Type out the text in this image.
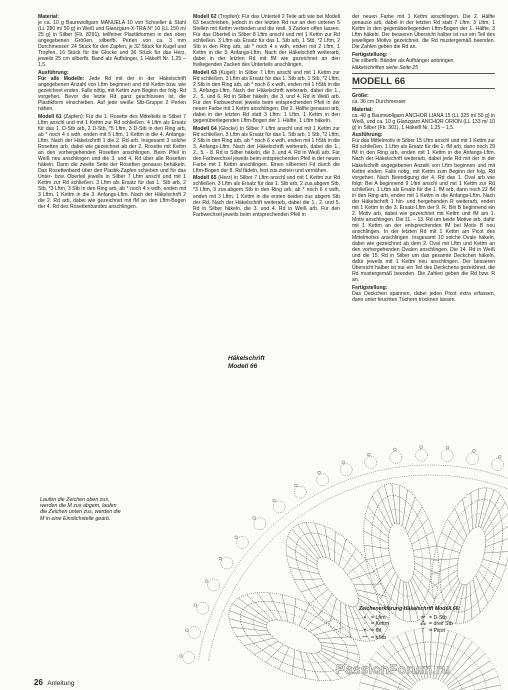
Material:
je ca. 10 g Baumwollgarn MANUELA 10 von Schoeller & Stahl (LL 280 m/ 50 g) in Weiß und Glanzgarn-X-TRA N° 10 (LL 150 m/ 25 g) in Silber (Fb. 8291), teilfeiner Plastikformen in den oben angegebenen Größen, silberfb. Perlen von ca. 3 mm Durchmesser: 24 Stück für den Zapfen, je 32 Stück für Kugel und Tropfen, 16 Stück für die Glocke und 36 Stück für das Herz, jeweils 25 cm silberfb. Band als Aufhänger, 1 Häkelfl Nr. 1,25 – 1,5.

Ausführung:
Für alle Modelle: Jede Rd mit der in der Häkelschrift angegebenen Anzahl von Lftm beginnen und mit Kettm bzw. wie gezeichnet enden. Falls nötig, mit Kettm zum Beginn der folg. Rd vorgehen. Bevor die letzte Rd ganz geschlossen ist, die Plastikform einschieben. Auf jede weiße Stb-Gruppe 2 Perlen nähen.

Modell 61 (Zapfen): Für die 1. Rosette des Mittelteils in Silber 7 Lftm anschl und mit 1 Kettm zur Rd schließen. 4 Lftm als Ersatz für das 1. D-Stb arb, 2 D-Stb, *5 Lftm, 3 D-Stb in den Ring arb, ab * noch 4 x wdh, enden mit 5 Lftm, 1 Kettm in die 4. Anfangs-Lftm. Nach der Häkelschrift 1 die 2. Rd arb. Insgesamt 3 solche Rosetten arb, dabei wie gezeichnet ab der 2. Rosette mit Kettm an den vorhergehenden Rosetten anschlingen. Beim Pfeil in Weiß neu anschlingen und die 3. und 4. Rd über alle Rosetten häkeln. Dann die zweite Seite der Rosetten genauso behäkeln. Das Rosettenband über den Plastik-Zapfen schieben und für das Unter- bzw. Oberteil jeweils in Silber 7 Lftm anschl und mit 1 Kettm zur Rd schließen. 3 Lftm als Ersatz für das 1. Stb arb, 2 Stb, *3 Lftm, 3 Stb in den Ring arb, ab * noch 4 x wdh, enden mit 3 Lftm, 1 Kettm in die 3. Anfangs-Lftm. Nach der Häkelschrift 2 die 2. Rd arb, dabei wie gezeichnet mit fM an den Lftm-Bogen der 4. Rd des Rosettenbandes anschlingen.

Modell 62 (Tropfen): Für das Unterteil 2 Teile arb wie bei Modell 63 beschrieben, jedoch in der letzten Rd nur an den unteren 5 Stellen mit Kettm verbinden und die restl. 3 Zacken offen lassen. Für das Oberteil in Silber 8 Lftm anschl und mit 1 Kettm zur Rd schließen. 3 Lftm als Ersatz für das 1. Stb arb, 1 Stb, *2 Lftm, 2 Stb in den Ring arb, ab * noch 4 x wdh, enden mit 2 Lftm, 1 Kettm in die 3. Anfangs-Lftm. Nach der Häkelschrift weiterarb, dabei in der letzten Rd mit fM wie gezeichnet an den freiliegenden Zacken des Unterteils anschlingen.

Modell 63 (Kugel): In Silber 7 Lftm anschl und mit 1 Kettm zur Rd schließen. 3 Lftm als Ersatz für das 1. Stb arb, 1 Stb, *2 Lftm, 2 Stb in den Ring arb, ab * noch 6 x wdh, enden mit 1 hStb in die 3. Anfangs-Lftm. Nach der Häkelschrift weiterarb, dabei die 1., 2., 5. und 6. Rd in Silber häkeln, die 3. und 4. Rd in Weiß arb. Für den Farbwechsel jeweils beim entsprechenden Pfeil in der neuen Farbe mit 1 Kettm anschlingen. Die 2. Hälfte genauso arb, dabei in der letzten Rd statt 3 Lftm: 1 Lftm, 1 Kettm in den gegenüberliegenden Lftm-Bogen der 1. Hälfte, 1 Lftm häkeln.

Modell 64 (Glocke) In Silber 7 Lftm anschl und mit 1 Kettm zur Rd schließen. 3 Lftm als Ersatz für das 1. Stb arb, 1 Stb, *2 Lftm, 2 Stb in den Ring arb, ab * noch 6 x wdh, enden mit 1 hStb in die 3. Anfangs-Lftm. Nach der Häkelschrift weiterarb, dabei die 1., 2., 5. - 8. Rd in Silber häkeln, die 3. und 4. Rd in Weiß arb. Für den Farbwechsel jeweils beim entsprechenden Pfeil in der neuen Farbe mit 1 Kettm anschlingen. Einen silbernen Fd durch die Lftm-Bogen der 8. Rd fädeln, fest zus.ziehen und vernähen.

Modell 65 (Herz) in Silber 7 Lftm anschl und mit 1 Kettm zur Rd schließen. 3 Lftm als Ersatz für das 1. Stb arb, 2 zus.abgem Stb, *3 Lftm, 3 zus.abgem Stb in den Ring arb, ab * noch 6 x wdh, enden mit 3 Lftm, 1 Kettm in die ersten beiden zus abgem Stb der Rd. Nach der Häkelschrift weiterarb, dabei die 1., 2. und 5. Rd in Silber häkeln, die 3. und 4. Rd in Weiß arb. Für den Farbwechsel jeweils beim entsprechenden Pfeil in

der neuen Farbe mit 1 Kettm anschlingen. Die 2. Hälfte genauso arb, dabei in der letzten Rd statt 7 Lftm: 3 Lftm, 1 Kettm in den gegenüberliegenden Lftm-Bogen der 1. Hälfte, 3 Lftm häkeln. Der besseren Übersicht halber ist nur ein Teil des jeweiligen Motivs gezeichnet, die Rd mustergemäß beenden. Die Zahlen geben die Rd an.

Fertigstellung:
Die silberfb. Bänder als Aufhänger anbringen.

Häkelschriften siehe Seite 25

MODELL 66

Größe:
ca. 36 cm Durchmesser

Material:
ca. 40 g Baumwollgarn ANCHOR LIANA 15 (LL 325 m/ 50 g) in Weiß, und ca. 10 g Glanzgarn ANCHOR ORION (LL 133 m/ 10 g) in Silber (Fb. 301), 1 Häkelfl Nr. 1,25 – 1,5.

Ausführung:
Für das Mittelmotiv in Silber 15 Lftm anschl und mit 1 Kettm zur Rd schließen. 1 Lftm als Ersatz für die 1. fM arb, dann noch 29 fM in den Ring arb, enden mit 1 Kettm in die Anfangs-Lftm. Nach der Häkelschrift weiterarb, dabei jede Rd mit der in der Häkelschrift angegebenen Anzahl von Lftm beginnen und mit Kettm enden. Falls nötig, mit Kettm zum Beginn der folg. Rd vorgehen. Nach Beendigung der 4. Rd das 1. Oval arb wie folgt: Bei A beginnend 9 Lftm anschl und mit 1 Kettm zur Rd schließen. 1 Lftm als Ersatz für die 1. fM arb, dann noch 22 fM in den Ring arb, enden mit 1 Kettm in die Anfangs-Lftm. Nach der Häkelschrift 1 hin- und hergehenden R weiterarb, enden mit 1 Kettm in die 3. Ersatz-Lftm der 9. R. Bei B beginnend ein 2. Motiv arb, dabei wie gezeichnet mit Kettm und fM am 1. Motiv anschlingen. Die 11. – 13. Rd um beide Motive arb, dafür mit 1 Kettm an der entsprechenden fM bei Motiv B neu anschlingen. In der letzten Rd mit 1 Kettm am Picot des Mittelmotivs anschlingen. Insgesamt 10 solche Ovale häkeln, dabei wie gezeichnet ab dem 2. Oval mit Lftm und Kettm an den vorhergehenden Ovalen anschlingen. Die 14. Rd in Weiß und die 15. Rd in Silber um das gesamte Deckchen häkeln, dafür jeweils mit 1 Kettm neu anschlingen. Der besseren Übersicht halber ist nur ein Teil des Deckchens gezeichnet, die Rd mustergemäß beenden. Die Zahlen geben die Rd bzw. R an.

Fertigstellung:
Das Deckchen spannen, dabei jeden Picot extra erfassen, dann unter feuchten Tüchern trocknen lassen.

Häkelschrift
Modell 66
Laufen die Zeichen oben zus, werden die M zus abgem, laufen die Zeichen unten zus, werden die M in eine Einstichstelle gearb.
Zeichenerklärung Häkelschrift Modell 66:
▪ = Lftm
◦ = Kettm
+ = fM
ꟷ = hStb
╪ = D-Stb
⁂ = dreif Stb
ᛉ = Picot
PassionForum.ru
26 Anleitung
